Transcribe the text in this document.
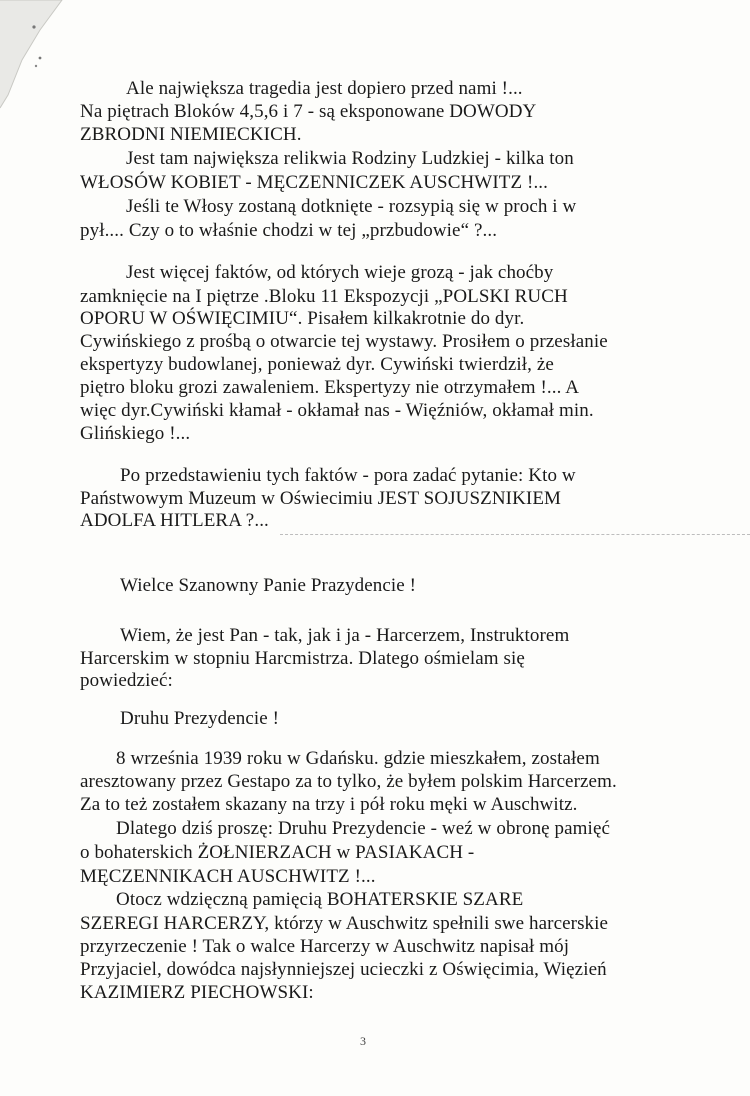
Ale największa tragedia jest dopiero przed nami !...
Na piętrach Bloków 4,5,6 i 7 - są eksponowane DOWODY
ZBRODNI NIEMIECKICH.
Jest tam największa relikwia Rodziny Ludzkiej - kilka ton
WŁOSÓW KOBIET - MĘCZENNICZEK AUSCHWITZ !...
Jeśli te Włosy zostaną dotknięte - rozsypią się w proch i w
pył.... Czy o to właśnie chodzi w tej „przbudowie“ ?...
Jest więcej faktów, od których wieje grozą - jak choćby
zamknięcie na I piętrze .Bloku 11 Ekspozycji „POLSKI RUCH
OPORU W OŚWIĘCIMIU“. Pisałem kilkakrotnie do dyr.
Cywińskiego z prośbą o otwarcie tej wystawy. Prosiłem o przesłanie
ekspertyzy budowlanej, ponieważ dyr. Cywiński twierdził, że
piętro bloku grozi zawaleniem. Ekspertyzy nie otrzymałem !... A
więc dyr.Cywiński kłamał - okłamał nas - Więźniów, okłamał min.
Glińskiego !...
Po przedstawieniu tych faktów - pora zadać pytanie: Kto w
Państwowym Muzeum w Oświecimiu JEST SOJUSZNIKIEM
ADOLFA HITLERA ?...
Wielce Szanowny Panie Prazydencie !
Wiem, że jest Pan - tak, jak i ja - Harcerzem, Instruktorem
Harcerskim w stopniu Harcmistrza. Dlatego ośmielam się
powiedzieć:
Druhu Prezydencie !
8 września 1939 roku w Gdańsku. gdzie mieszkałem, zostałem
aresztowany przez Gestapo za to tylko, że byłem polskim Harcerzem.
Za to też zostałem skazany na trzy i pół roku męki w Auschwitz.
Dlatego dziś proszę: Druhu Prezydencie - weź w obronę pamięć
o bohaterskich ŻOŁNIERZACH w PASIAKACH -
MĘCZENNIKACH AUSCHWITZ !...
Otocz wdzięczną pamięcią BOHATERSKIE SZARE
SZEREGI HARCERZY, którzy w Auschwitz spełnili swe harcerskie
przyrzeczenie ! Tak o walce Harcerzy w Auschwitz napisał mój
Przyjaciel, dowódca najsłynniejszej ucieczki z Oświęcimia, Więzień
KAZIMIERZ PIECHOWSKI:
3
